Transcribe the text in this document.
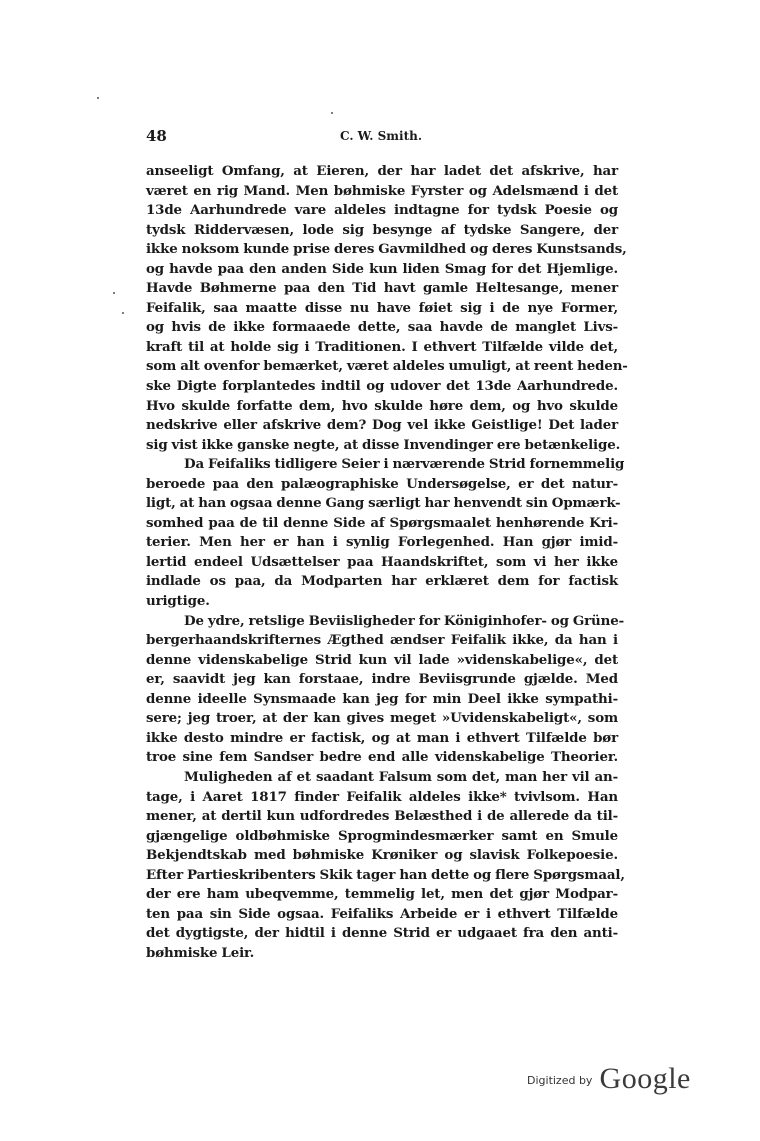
48	C. W. Smith.
anseeligt Omfang, at Eieren, der har ladet det afskrive, har
været en rig Mand. Men bøhmiske Fyrster og Adelsmænd i det
13de Aarhundrede vare aldeles indtagne for tydsk Poesie og
tydsk Riddervæsen, lode sig besynge af tydske Sangere, der
ikke noksom kunde prise deres Gavmildhed og deres Kunstsands,
og havde paa den anden Side kun liden Smag for det Hjemlige.
Havde Bøhmerne paa den Tid havt gamle Heltesange, mener
Feifalik, saa maatte disse nu have føiet sig i de nye Former,
og hvis de ikke formaaede dette, saa havde de manglet Livs-
kraft til at holde sig i Traditionen. I ethvert Tilfælde vilde det,
som alt ovenfor bemærket, været aldeles umuligt, at reent heden-
ske Digte forplantedes indtil og udover det 13de Aarhundrede.
Hvo skulde forfatte dem, hvo skulde høre dem, og hvo skulde
nedskrive eller afskrive dem? Dog vel ikke Geistlige! Det lader
sig vist ikke ganske negte, at disse Invendinger ere betænkelige.
Da Feifaliks tidligere Seier i nærværende Strid fornemmelig
beroede paa den palæographiske Undersøgelse, er det natur-
ligt, at han ogsaa denne Gang særligt har henvendt sin Opmærk-
somhed paa de til denne Side af Spørgsmaalet henhørende Kri-
terier. Men her er han i synlig Forlegenhed. Han gjør imid-
lertid endeel Udsættelser paa Haandskriftet, som vi her ikke
indlade os paa, da Modparten har erklæret dem for factisk
urigtige.
De ydre, retslige Beviisligheder for Königinhofer- og Grüne-
bergerhaandskrifternes Ægthed ændser Feifalik ikke, da han i
denne videnskabelige Strid kun vil lade »videnskabelige«, det
er, saavidt jeg kan forstaae, indre Beviisgrunde gjælde. Med
denne ideelle Synsmaade kan jeg for min Deel ikke sympathi-
sere; jeg troer, at der kan gives meget »Uvidenskabeligt«, som
ikke desto mindre er factisk, og at man i ethvert Tilfælde bør
troe sine fem Sandser bedre end alle videnskabelige Theorier.
Muligheden af et saadant Falsum som det, man her vil an-
tage, i Aaret 1817 finder Feifalik aldeles ikke* tvivlsom. Han
mener, at dertil kun udfordredes Belæsthed i de allerede da til-
gjængelige oldbøhmiske Sprogmindesmærker samt en Smule
Bekjendtskab med bøhmiske Krøniker og slavisk Folkepoesie.
Efter Partieskribenters Skik tager han dette og flere Spørgsmaal,
der ere ham ubeqvemme, temmelig let, men det gjør Modpar-
ten paa sin Side ogsaa. Feifaliks Arbeide er i ethvert Tilfælde
det dygtigste, der hidtil i denne Strid er udgaaet fra den anti-
bøhmiske Leir.
$^{Digitized by}$ Google
